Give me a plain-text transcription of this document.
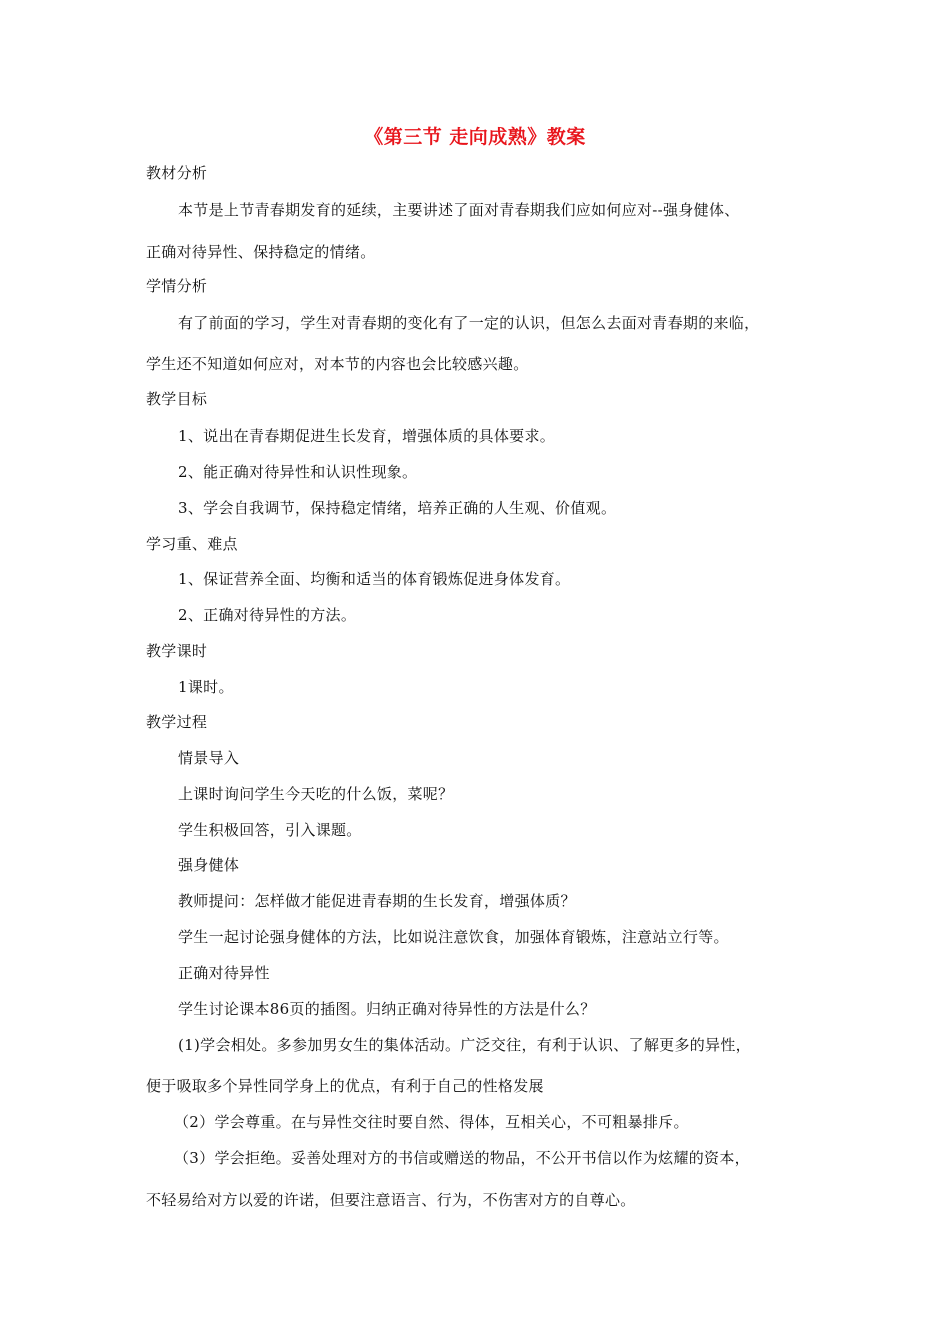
《第三节 走向成熟》教案
教材分析
本节是上节青春期发育的延续，主要讲述了面对青春期我们应如何应对--强身健体、
正确对待异性、保持稳定的情绪。
学情分析
有了前面的学习，学生对青春期的变化有了一定的认识，但怎么去面对青春期的来临，
学生还不知道如何应对，对本节的内容也会比较感兴趣。
教学目标
1、说出在青春期促进生长发育，增强体质的具体要求。
2、能正确对待异性和认识性现象。
3、学会自我调节，保持稳定情绪，培养正确的人生观、价值观。
学习重、难点
1、保证营养全面、均衡和适当的体育锻炼促进身体发育。
2、正确对待异性的方法。
教学课时
1课时。
教学过程
情景导入
上课时询问学生今天吃的什么饭，菜呢？
学生积极回答，引入课题。
强身健体
教师提问：怎样做才能促进青春期的生长发育，增强体质？
学生一起讨论强身健体的方法，比如说注意饮食，加强体育锻炼，注意站立行等。
正确对待异性
学生讨论课本86页的插图。归纳正确对待异性的方法是什么？
(1)学会相处。多参加男女生的集体活动。广泛交往，有利于认识、了解更多的异性，
便于吸取多个异性同学身上的优点，有利于自己的性格发展
（2）学会尊重。在与异性交往时要自然、得体，互相关心，不可粗暴排斥。
（3）学会拒绝。妥善处理对方的书信或赠送的物品，不公开书信以作为炫耀的资本，
不轻易给对方以爱的许诺，但要注意语言、行为，不伤害对方的自尊心。
